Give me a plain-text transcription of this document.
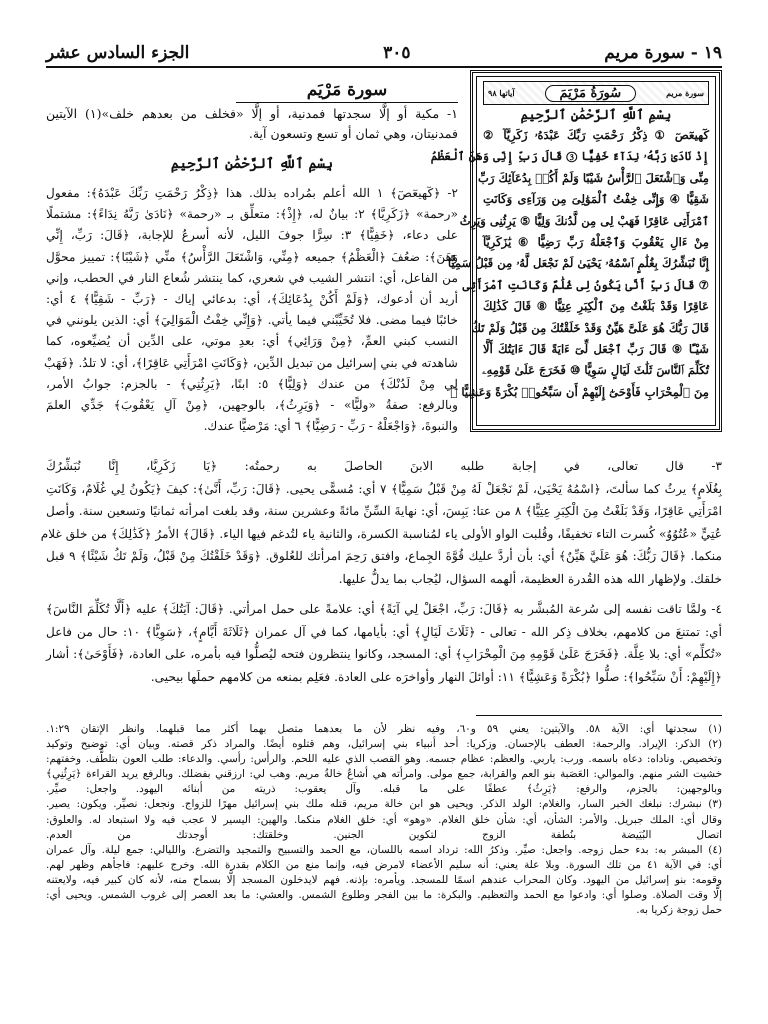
١٩ - سورة مريم
٣٠٥
الجزء السادس عشر
سورة مريم
سُورَةُ مَرْيَمَ
آياتها ٩٨
بِسْمِ ٱللَّهِ ٱلرَّحْمَٰنِ ٱلرَّحِيمِ
كٓهيعٓصٓ ① ذِكْرُ رَحْمَتِ رَبِّكَ عَبْدَهُۥ زَكَرِيَّآ ②
إِذْ نَادَىٰ رَبَّهُۥ نِدَآءً خَفِيًّا ③ قَالَ رَبِّ إِنِّى وَهَنَ ٱلْعَظْمُ
مِنِّى وَٱشْتَعَلَ ٱلرَّأْسُ شَيْبًا وَلَمْ أَكُنۢ بِدُعَآئِكَ رَبِّ
شَقِيًّا ④ وَإِنِّى خِفْتُ ٱلْمَوَٰلِىَ مِن وَرَآءِى وَكَانَتِ
ٱمْرَأَتِى عَاقِرًا فَهَبْ لِى مِن لَّدُنكَ وَلِيًّا ⑤ يَرِثُنِى وَيَرِثُ
مِنْ ءَالِ يَعْقُوبَ وَٱجْعَلْهُ رَبِّ رَضِيًّا ⑥ يَٰزَكَرِيَّآ
إِنَّا نُبَشِّرُكَ بِغُلَٰمٍ ٱسْمُهُۥ يَحْيَىٰ لَمْ نَجْعَل لَّهُۥ مِن قَبْلُ سَمِيًّا
⑦ قَالَ رَبِّ أَنَّىٰ يَكُونُ لِى غُلَٰمٌ وَكَانَتِ ٱمْرَأَتِى
عَاقِرًا وَقَدْ بَلَغْتُ مِنَ ٱلْكِبَرِ عِتِيًّا ⑧ قَالَ كَذَٰلِكَ
قَالَ رَبُّكَ هُوَ عَلَىَّ هَيِّنٌ وَقَدْ خَلَقْتُكَ مِن قَبْلُ وَلَمْ تَكُ
شَيْـًٔا ⑨ قَالَ رَبِّ ٱجْعَل لِّىٓ ءَايَةً قَالَ ءَايَتُكَ أَلَّا
تُكَلِّمَ ٱلنَّاسَ ثَلَٰثَ لَيَالٍ سَوِيًّا ⑩ فَخَرَجَ عَلَىٰ قَوْمِهِۦ
مِنَ ٱلْمِحْرَابِ فَأَوْحَىٰٓ إِلَيْهِمْ أَن سَبِّحُوا۟ بُكْرَةً وَعَشِيًّا ⑪
سورة مَرْيَم
١- مكية أو إلَّا سجدتها فمدنية، أو إلَّا «فخلف من بعدهم خلف»(١) الآيتين فمدنيتان، وهي ثمان أو تسع وتسعون آية.
بِسْمِ ٱللَّهِ ٱلرَّحْمَٰنِ ٱلرَّحِيمِ
٢- ﴿كٓهيعٓصٓ﴾ ١ الله أعلم بمُراده بذلك. هذا ﴿ذِكْرُ رَحْمَتِ رَبِّكَ عَبْدَهُ﴾: مفعول
«رحمة» ﴿زَكَرِيَّا﴾ ٢: بيانٌ له، ﴿إِذْ﴾: متعلِّق بـ «رحمة» ﴿نَادَىٰ رَبَّهُ نِدَاءً﴾: مشتملًا
على دعاء، ﴿خَفِيًّا﴾ ٣: سِرًّا جوفَ الليل، لأنه أسرعُ للإجابة، ﴿قَالَ: رَبِّ، إِنِّي
وَهَنَ﴾: ضعُفَ ﴿الْعَظْمُ﴾ جميعه ﴿مِنِّي، وَاشْتَعَلَ الرَّأْسُ﴾ منِّي ﴿شَيْبًا﴾: تمييز محوَّل
من الفاعل، أي: انتشر الشيب في شعري، كما ينتشر شُعاع النار في الحطب، وإني
أريد أن أدعوك، ﴿وَلَمْ أَكُنْ بِدُعَائِكَ﴾، أي: بدعائي إياك - ﴿رَبِّ - شَقِيًّا﴾ ٤ أي:
خائبًا فيما مضى. فلا تُخَيِّبْني فيما يأتي. ﴿وَإِنِّي خِفْتُ الْمَوَالِيَ﴾ أي: الذين يلونني في
النسب كبني العمِّ، ﴿مِنْ وَرَائِي﴾ أي: بعدِ موتي، على الدِّين أن يُضيِّعوه، كما
شاهدته في بني إسرائيل من تبديل الدِّين، ﴿وَكَانَتِ امْرَأَتِي عَاقِرًا﴾، أي: لا تلدُ. ﴿فَهَبْ
لِي مِنْ لَدُنْكَ﴾ من عندك ﴿وَلِيًّا﴾ ٥: ابنًا، ﴿يَرِثُنِي﴾ - بالجزم: جوابُ الأمر،
وبالرفع: صفةُ «وليًّا» - ﴿وَيَرِثُ﴾، بالوجهين، ﴿مِنْ آلِ يَعْقُوبَ﴾ جَدِّي العلمَ
والنبوةَ، ﴿وَاجْعَلْهُ - رَبِّ - رَضِيًّا﴾ ٦ أي: مَرْضيًّا عندك.
٣- قال تعالى، في إجابة طلبه الابنَ الحاصلَ به رحمتُه: ﴿يَا زَكَرِيَّا، إِنَّا نُبَشِّرُكَ
بِغُلَامٍ﴾ يرثُ كما سألتَ، ﴿اسْمُهُ يَحْيَىٰ، لَمْ نَجْعَلْ لَهُ مِنْ قَبْلُ سَمِيًّا﴾ ٧ أي: مُسمًّى يحيى. ﴿قَالَ: رَبِّ، أَنَّىٰ﴾: كيفَ ﴿يَكُونُ لِي غُلَامٌ، وَكَانَتِ
امْرَأَتِي عَاقِرًا، وَقَدْ بَلَغْتُ مِنَ الْكِبَرِ عِتِيًّا﴾ ٨ من عتا: يَبِسَ، أي: نهايةَ السِّنِّ مائةً وعشرين سنة، وقد بلغت امرأته ثمانيًا وتسعين سنة. وأصل
عُتِيٍّ «عُتُوُوٌ» كُسرت التاء تخفيفًا، وقُلبت الواو الأولى ياء لمُناسبة الكسرة، والثانية ياء لتُدغم فيها الياء. ﴿قَالَ﴾ الأمرُ ﴿كَذَٰلِكَ﴾ من خلق غلام
منكما. ﴿قَالَ رَبُّكَ: هُوَ عَلَيَّ هَيِّنٌ﴾ أي: بأن أردَّ عليك قُوَّةَ الجِماع، وافتق رَحِمَ امرأتك للعُلوق. ﴿وَقَدْ خَلَقْتُكَ مِنْ قَبْلُ، وَلَمْ تَكُ شَيْئًا﴾ ٩ قبل
خلقك. ولإظهار الله هذه القُدرة العظيمة، ألهمه السؤال، ليُجاب بما يدلُّ عليها.
٤- ولمَّا تاقت نفسه إلى سُرعة المُبشَّر به ﴿قَالَ: رَبِّ، اجْعَلْ لِي آيَةً﴾ أي: علامةً على حمل امرأتي. ﴿قَالَ: آيَتُكَ﴾ عليه ﴿أَلَّا تُكَلِّمَ النَّاسَ﴾
أي: تمتنعَ من كلامهم، بخلاف ذِكر الله - تعالى - ﴿ثَلَاثَ لَيَالٍ﴾ أي: بأيامها، كما في آل عمران ﴿ثَلَاثَةَ أَيَّامٍ﴾، ﴿سَوِيًّا﴾ ١٠: حال من فاعل
«تُكلِّم» أي: بلا عِلَّة. ﴿فَخَرَجَ عَلَىٰ قَوْمِهِ مِنَ الْمِحْرَابِ﴾ أي: المسجد، وكانوا ينتظرون فتحه ليُصلُّوا فيه بأمره، على العادة، ﴿فَأَوْحَىٰ﴾: أشار
﴿إِلَيْهِمْ: أَنْ سَبِّحُوا﴾: صلُّوا ﴿بُكْرَةً وَعَشِيًّا﴾ ١١: أوائلَ النهار وأواخرَه على العادة. فعَلِم بمنعه من كلامهم حملَها بيحيى.
(١) سجدتها أي: الآية ٥٨. والآيتين: يعني ٥٩ و٦٠، وفيه نظر لأن ما بعدهما متصل بهما أكثر مما قبلهما. وانظر الإتقان ١:٢٩.
(٢) الذكر: الإيراد. والرحمة: العطف بالإحسان. وزكريا: أحد أنبياء بني إسرائيل، وهم قتلوه أيضًا. والمراد ذكر قصته. وبيان أي: توضيح وتوكيد
وتخصيص. وناداه: دعاه باسمه. ورب: ياربي. والعظم: عظام جسمه. وهو القصب الذي عليه اللحم. والرأس: رأسي. والدعاء: طلب العون بتلطُّف. وخفتهم:
خشيت الشر منهم. والموالي: العَصَبة بنو العم والقرابة، جمع مولى. وامرأته هي أشاعُ خالةُ مريم. وهب لي: ارزقني بفضلك. وبالرفع يريد القراءة ﴿يَرِثُنِي﴾
وبالوجهين: بالجزم، والرفع: ﴿يَرِثُ﴾ عطفًا على ما قبله. وآل يعقوب: ذريته من أبنائه اليهود. واجعل: صيِّر.
(٣) نبشرك: نبلغك الخبر السار، والغلام: الولد الذكر. ويحيى هو ابن خالة مريم، قتله ملك بني إسرائيل مهرًا للزواج. ونجعل: نصيِّر. ويكون: يصير.
وقال أي: الملك جبريل. والأمر: الشأن، أي: شأن خلق الغلام. «وهو» أي: خلق الغلام منكما. والهين: اليسير لا عجب فيه ولا استبعاد له. والعلوق:
اتصال البُيَيضة بنُطفة الزوج لتكوين الجنين. وخلقتك: أوجدتك من العدم.
(٤) المبشر به: بدء حمل زوجه. واجعل: صيِّر. وذكرُ الله: ترداد اسمه باللسان، مع الحمد والتسبيح والتمجيد والتضرع. والليالي: جمع ليلة. وآل عمران
أي: في الآية ٤١ من تلك السورة. وبلا علة يعني: أنه سليم الأعضاء لامرض فيه، وإنما منع من الكلام بقدرة الله. وخرج عليهم: فاجأهم وظهر لهم.
وقومه: بنو إسرائيل من اليهود. وكان المحراب عندهم اسمًا للمسجد. ويأمره: بإذنه. فهم لايدخلون المسجد إلَّا بسماح منه، لأنه كان كبير فيه، ولايعتنه
إلَّا وقت الصلاة. وصلوا أي: وادعوا مع الحمد والتعظيم. والبكرة: ما بين الفجر وطلوع الشمس. والعشي: ما بعد العصر إلى غروب الشمس. ويحيى أي:
حمل زوجة زكريا به.
